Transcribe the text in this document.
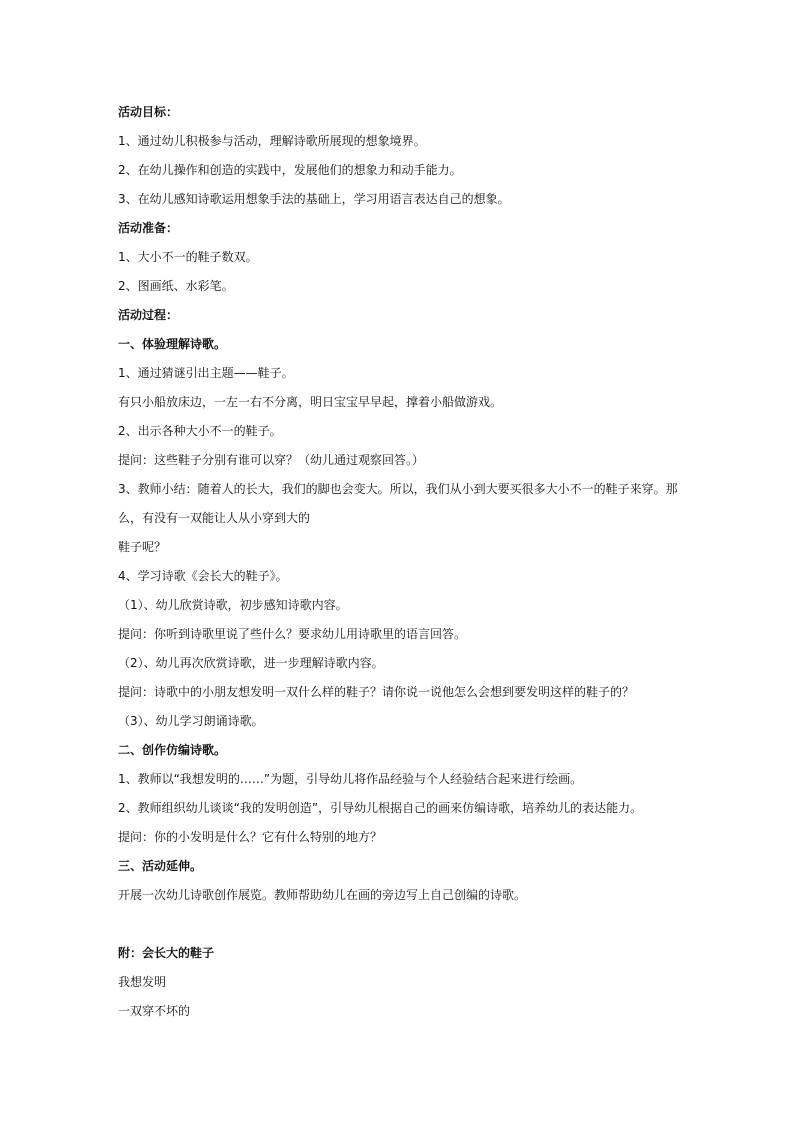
活动目标：
1、通过幼儿积极参与活动，理解诗歌所展现的想象境界。
2、在幼儿操作和创造的实践中，发展他们的想象力和动手能力。
3、在幼儿感知诗歌运用想象手法的基础上，学习用语言表达自己的想象。
活动准备：
1、大小不一的鞋子数双。
2、图画纸、水彩笔。
活动过程：
一、体验理解诗歌。
1、通过猜谜引出主题——鞋子。
有只小船放床边，一左一右不分离，明日宝宝早早起，撑着小船做游戏。
2、出示各种大小不一的鞋子。
提问：这些鞋子分别有谁可以穿？（幼儿通过观察回答。）
3、教师小结：随着人的长大，我们的脚也会变大。所以，我们从小到大要买很多大小不一的鞋子来穿。那
么，有没有一双能让人从小穿到大的
鞋子呢？
4、学习诗歌《会长大的鞋子》。
（1）、幼儿欣赏诗歌，初步感知诗歌内容。
提问：你听到诗歌里说了些什么？要求幼儿用诗歌里的语言回答。
（2）、幼儿再次欣赏诗歌，进一步理解诗歌内容。
提问：诗歌中的小朋友想发明一双什么样的鞋子？请你说一说他怎么会想到要发明这样的鞋子的？
（3）、幼儿学习朗诵诗歌。
二、创作仿编诗歌。
1、教师以“我想发明的……”为题，引导幼儿将作品经验与个人经验结合起来进行绘画。
2、教师组织幼儿谈谈“我的发明创造”，引导幼儿根据自己的画来仿编诗歌，培养幼儿的表达能力。
提问：你的小发明是什么？它有什么特别的地方？
三、活动延伸。
开展一次幼儿诗歌创作展览。教师帮助幼儿在画的旁边写上自己创编的诗歌。
附：会长大的鞋子
我想发明
一双穿不坏的
